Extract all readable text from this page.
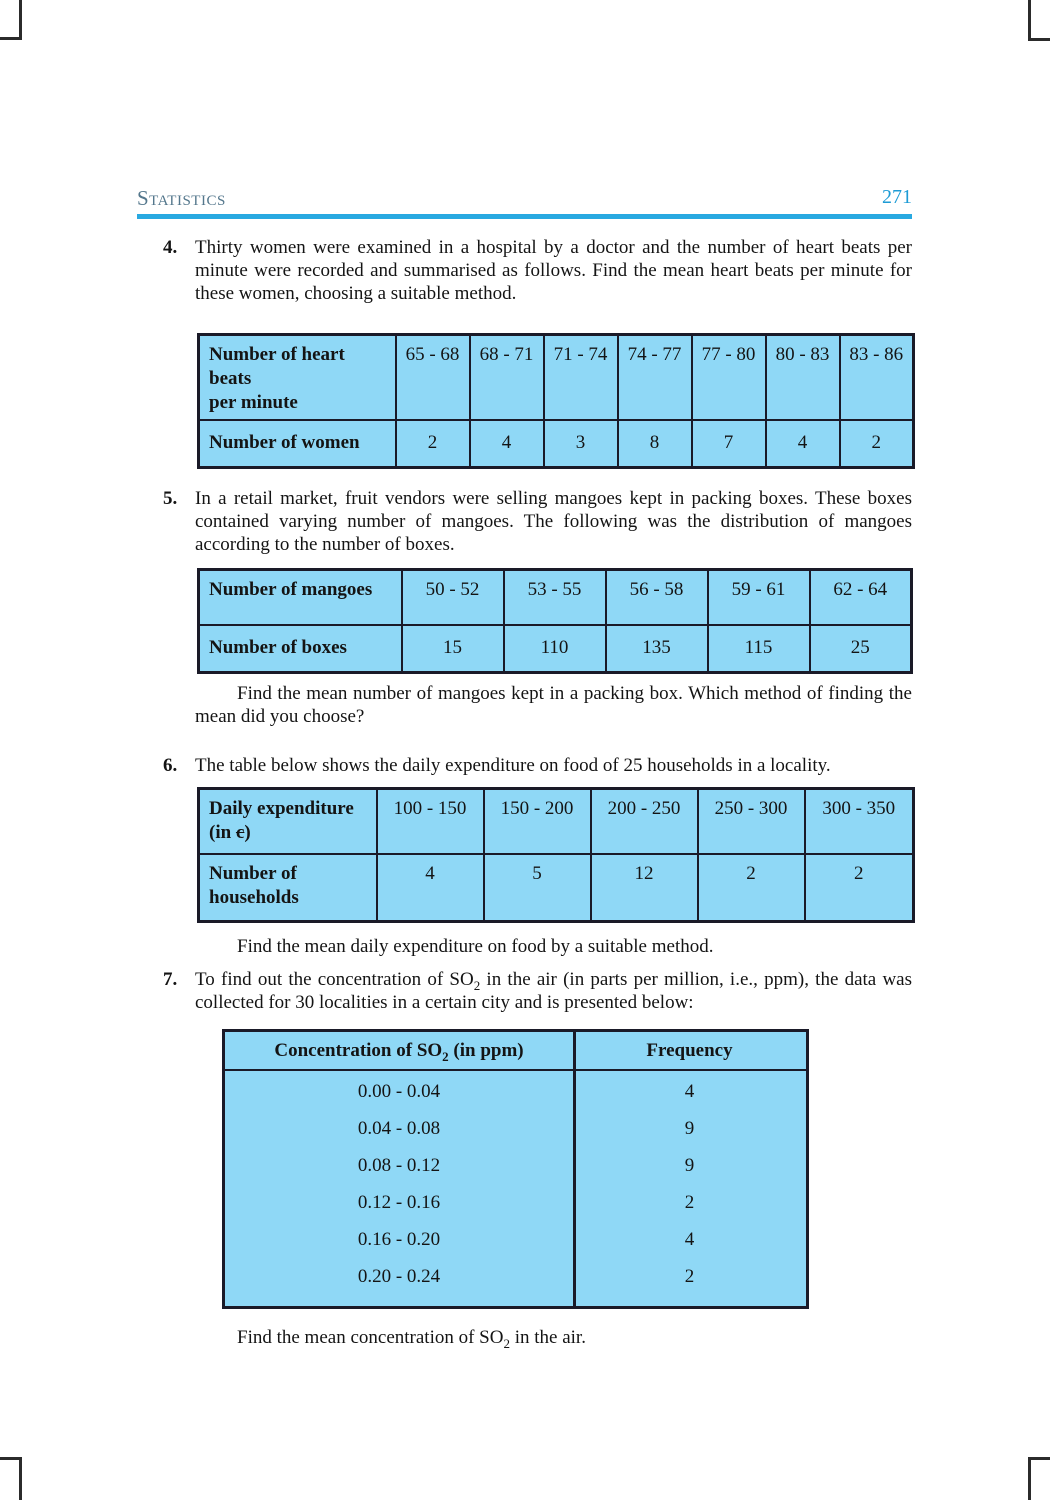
Statistics	271
4. Thirty women were examined in a hospital by a doctor and the number of heart beats per minute were recorded and summarised as follows. Find the mean heart beats per minute for these women, choosing a suitable method.
Number of heart beats
per minute	65 - 68	68 - 71	71 - 74	74 - 77	77 - 80	80 - 83	83 - 86
Number of women	2	4	3	8	7	4	2
5. In a retail market, fruit vendors were selling mangoes kept in packing boxes. These boxes contained varying number of mangoes. The following was the distribution of mangoes according to the number of boxes.
Number of mangoes	50 - 52	53 - 55	56 - 58	59 - 61	62 - 64
Number of boxes	15	110	135	115	25
Find the mean number of mangoes kept in a packing box. Which method of finding the mean did you choose?
6. The table below shows the daily expenditure on food of 25 households in a locality.
Daily expenditure
(in c)	100 - 150	150 - 200	200 - 250	250 - 300	300 - 350

Number of
households	4	5	12	2	2
Find the mean daily expenditure on food by a suitable method.
7. To find out the concentration of $SO_2$ in the air (in parts per million, i.e., ppm), the data was collected for 30 localities in a certain city and is presented below:
Concentration of $SO_2$ (in ppm)	Frequency
0.00 - 0.04	4
0.04 - 0.08	9
0.08 - 0.12	9
0.12 - 0.16	2
0.16 - 0.20	4
0.20 - 0.24	2
Find the mean concentration of $SO_2$ in the air.
